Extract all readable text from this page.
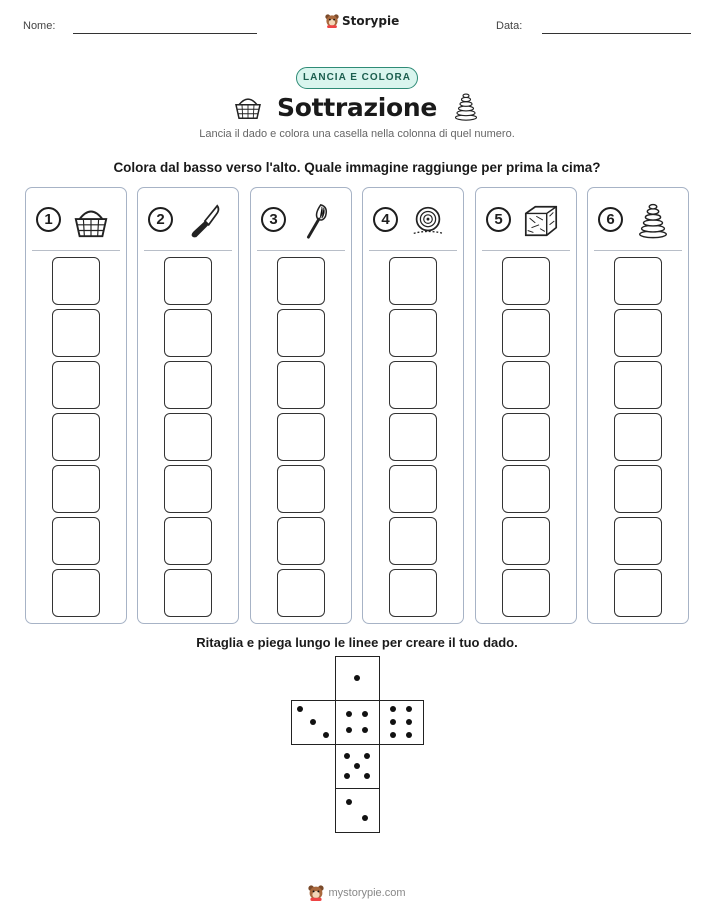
Nome:	Storypie	Data:
LANCIA E COLORA
Sottrazione
Lancia il dado e colora una casella nella colonna di quel numero.
Colora dal basso verso l'alto. Quale immagine raggiunge per prima la cima?
1	2	3	4	5	6
Ritaglia e piega lungo le linee per creare il tuo dado.
mystorypie.com
